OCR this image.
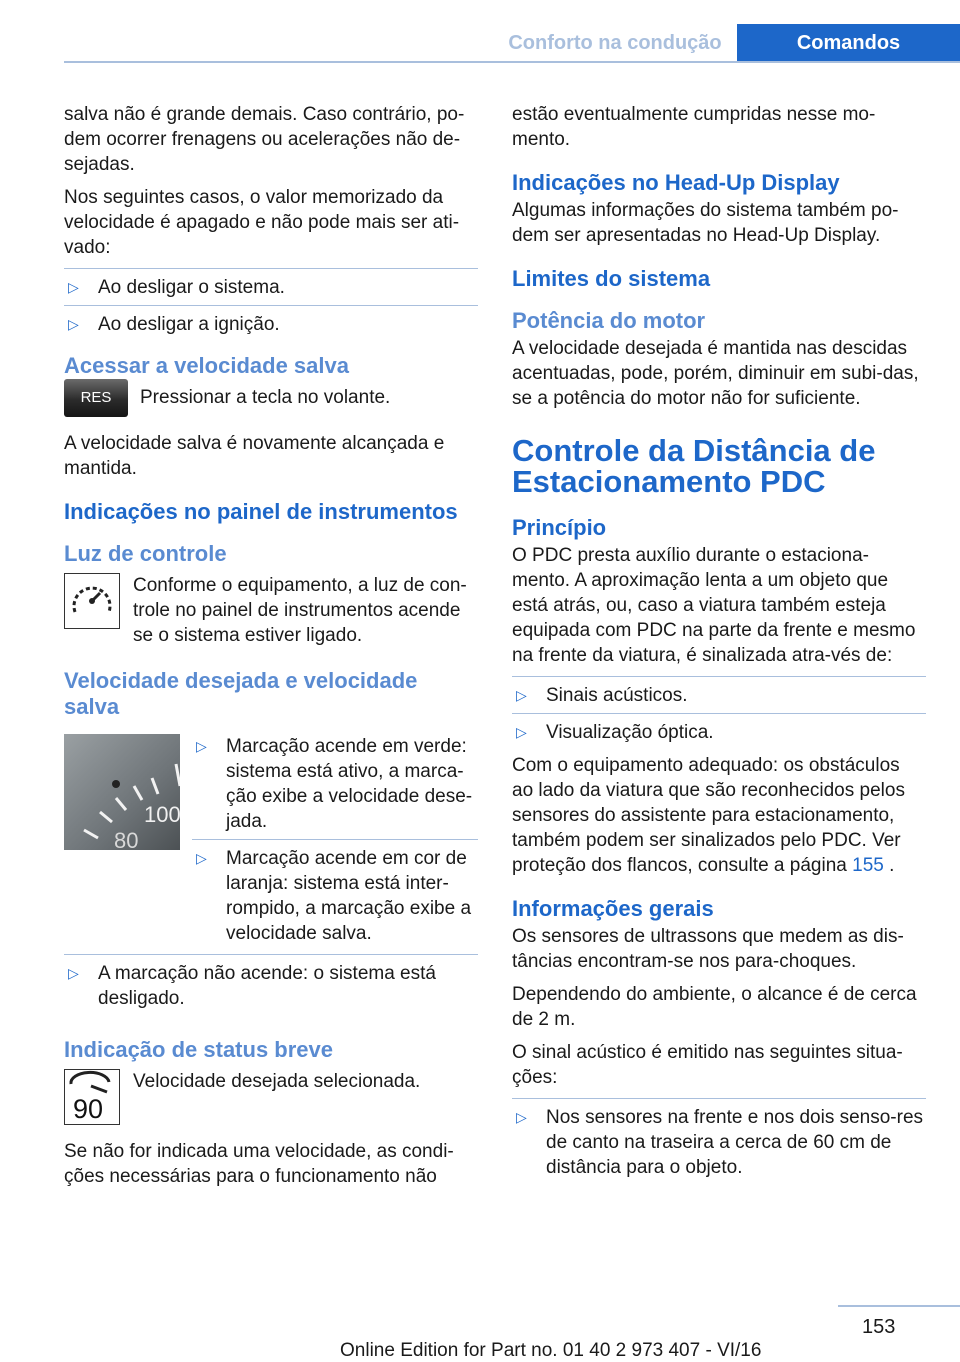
Conforto na condução	Comandos

salva não é grande demais. Caso contrário, po‐dem ocorrer frenagens ou acelerações não de‐sejadas.

Nos seguintes casos, o valor memorizado da velocidade é apagado e não pode mais ser ati‐vado:

▷ Ao desligar o sistema.
▷ Ao desligar a ignição.
Acessar a velocidade salva
RES	Pressionar a tecla no volante.

A velocidade salva é novamente alcançada e mantida.

Indicações no painel de instrumentos
Luz de controle

Conforme o equipamento, a luz de con‐trole no painel de instrumentos acende se o sistema estiver ligado.

Velocidade desejada e velocidade salva
100
80
▷ Marcação acende em verde: sistema está ativo, a marca‐ção exibe a velocidade dese‐jada.
▷ Marcação acende em cor de laranja: sistema está inter‐rompido, a marcação exibe a velocidade salva.
▷ A marcação não acende: o sistema está desligado.
Indicação de status breve
90

Velocidade desejada selecionada.

Se não for indicada uma velocidade, as condi‐ções necessárias para o funcionamento não

estão eventualmente cumpridas nesse mo‐mento.

Indicações no Head-Up Display

Algumas informações do sistema também po‐dem ser apresentadas no Head-Up Display.

Limites do sistema
Potência do motor

A velocidade desejada é mantida nas descidas acentuadas, pode, porém, diminuir em subi‐das, se a potência do motor não for suficiente.

Controle da Distância de Estacionamento PDC
Princípio

O PDC presta auxílio durante o estaciona‐mento. A aproximação lenta a um objeto que está atrás, ou, caso a viatura também esteja equipada com PDC na parte da frente e mesmo na frente da viatura, é sinalizada atra‐vés de:

▷ Sinais acústicos.
▷ Visualização óptica.

Com o equipamento adequado: os obstáculos ao lado da viatura que são reconhecidos pelos sensores do assistente para estacionamento, também podem ser sinalizados pelo PDC. Ver proteção dos flancos, consulte a página 155 .

Informações gerais

Os sensores de ultrassons que medem as dis‐tâncias encontram-se nos para-choques.

Dependendo do ambiente, o alcance é de cerca de 2 m.

O sinal acústico é emitido nas seguintes situa‐ções:

▷ Nos sensores na frente e nos dois senso‐res de canto na traseira a cerca de 60 cm de distância para o objeto.
153
Online Edition for Part no. 01 40 2 973 407 - VI/16
